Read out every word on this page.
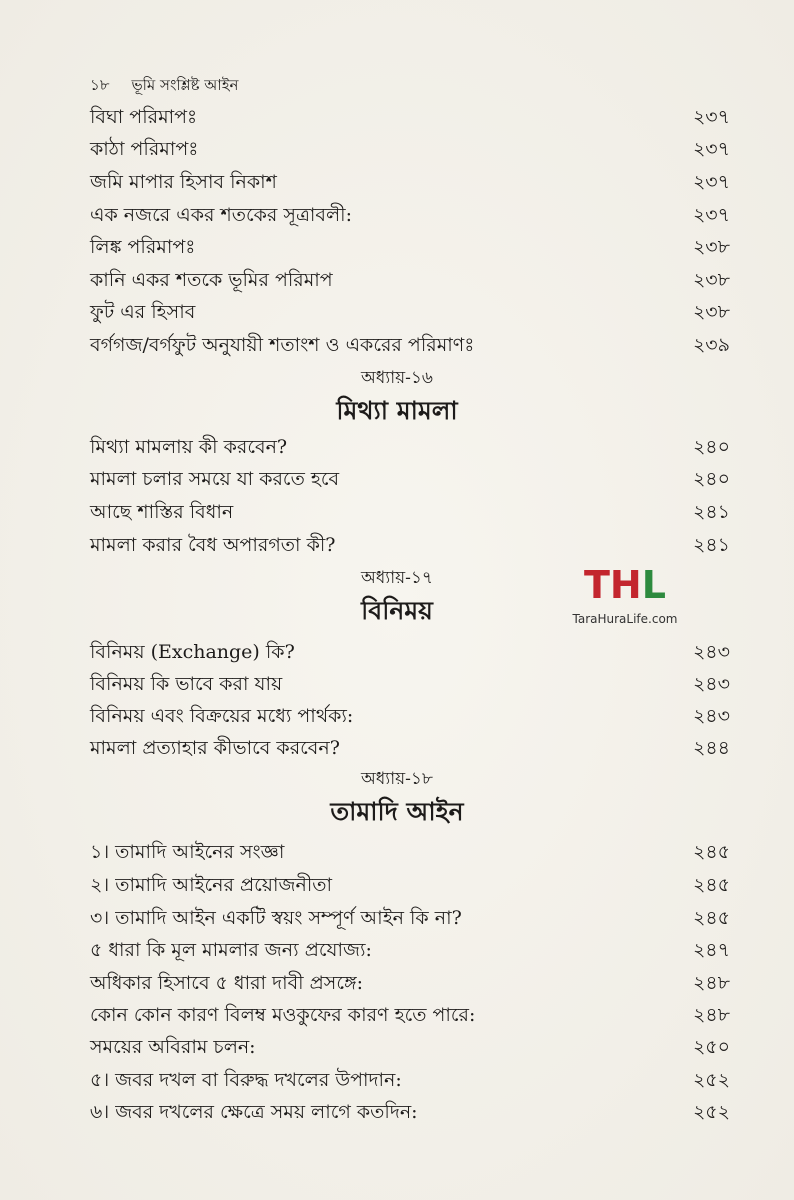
১৮ ভূমি সংশ্লিষ্ট আইন
বিঘা পরিমাপঃ	২৩৭
কাঠা পরিমাপঃ	২৩৭
জমি মাপার হিসাব নিকাশ	২৩৭
এক নজরে একর শতকের সূত্রাবলী:	২৩৭
লিঙ্ক পরিমাপঃ	২৩৮
কানি একর শতকে ভূমির পরিমাপ	২৩৮
ফুট এর হিসাব	২৩৮
বর্গগজ/বর্গফুট অনুযায়ী শতাংশ ও একরের পরিমাণঃ	২৩৯
অধ্যায়-১৬
মিথ্যা মামলা
মিথ্যা মামলায় কী করবেন?	২৪০
মামলা চলার সময়ে যা করতে হবে	২৪০
আছে শাস্তির বিধান	২৪১
মামলা করার বৈধ অপারগতা কী?	২৪১
অধ্যায়-১৭
বিনিময়
বিনিময় (Exchange) কি?	২৪৩
বিনিময় কি ভাবে করা যায়	২৪৩
বিনিময় এবং বিক্রয়ের মধ্যে পার্থক্য:	২৪৩
মামলা প্রত্যাহার কীভাবে করবেন?	২৪৪
অধ্যায়-১৮
তামাদি আইন
১। তামাদি আইনের সংজ্ঞা	২৪৫
২। তামাদি আইনের প্রয়োজনীতা	২৪৫
৩। তামাদি আইন একটি স্বয়ং সম্পূর্ণ আইন কি না?	২৪৫
৫ ধারা কি মূল মামলার জন্য প্রযোজ্য:	২৪৭
অধিকার হিসাবে ৫ ধারা দাবী প্রসঙ্গে:	২৪৮
কোন কোন কারণ বিলম্ব মওকুফের কারণ হতে পারে:	২৪৮
সময়ের অবিরাম চলন:	২৫০
৫। জবর দখল বা বিরুদ্ধ দখলের উপাদান:	২৫২
৬। জবর দখলের ক্ষেত্রে সময় লাগে কতদিন:	২৫২
THL
TaraHuraLife.com
